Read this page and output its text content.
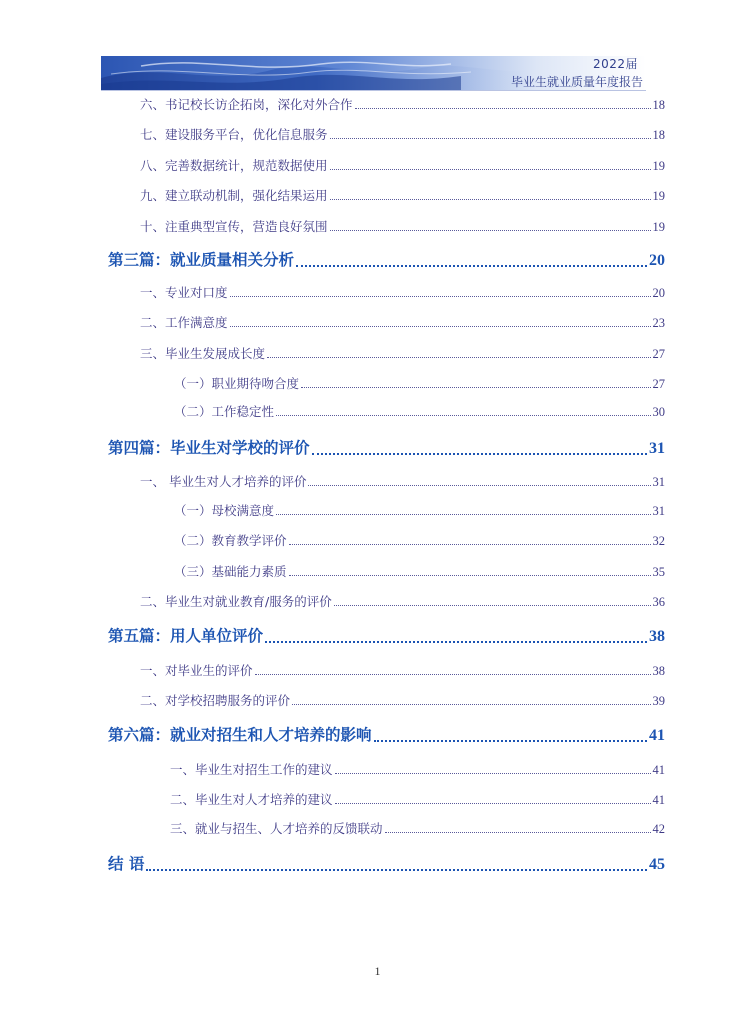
2022届
毕业生就业质量年度报告
六、书记校长访企拓岗，深化对外合作	18
七、建设服务平台，优化信息服务	18
八、完善数据统计，规范数据使用	19
九、建立联动机制，强化结果运用	19
十、注重典型宣传，营造良好氛围	19
第三篇：就业质量相关分析	20
一、专业对口度	20
二、工作满意度	23
三、毕业生发展成长度	27
（一）职业期待吻合度	27
（二）工作稳定性	30
第四篇：毕业生对学校的评价	31
一、 毕业生对人才培养的评价	31
（一）母校满意度	31
（二）教育教学评价	32
（三）基础能力素质	35
二、毕业生对就业教育/服务的评价	36
第五篇：用人单位评价	38
一、对毕业生的评价	38
二、对学校招聘服务的评价	39
第六篇：就业对招生和人才培养的影响	41
一、毕业生对招生工作的建议	41
二、毕业生对人才培养的建议	41
三、就业与招生、人才培养的反馈联动	42
结 语	45
1
